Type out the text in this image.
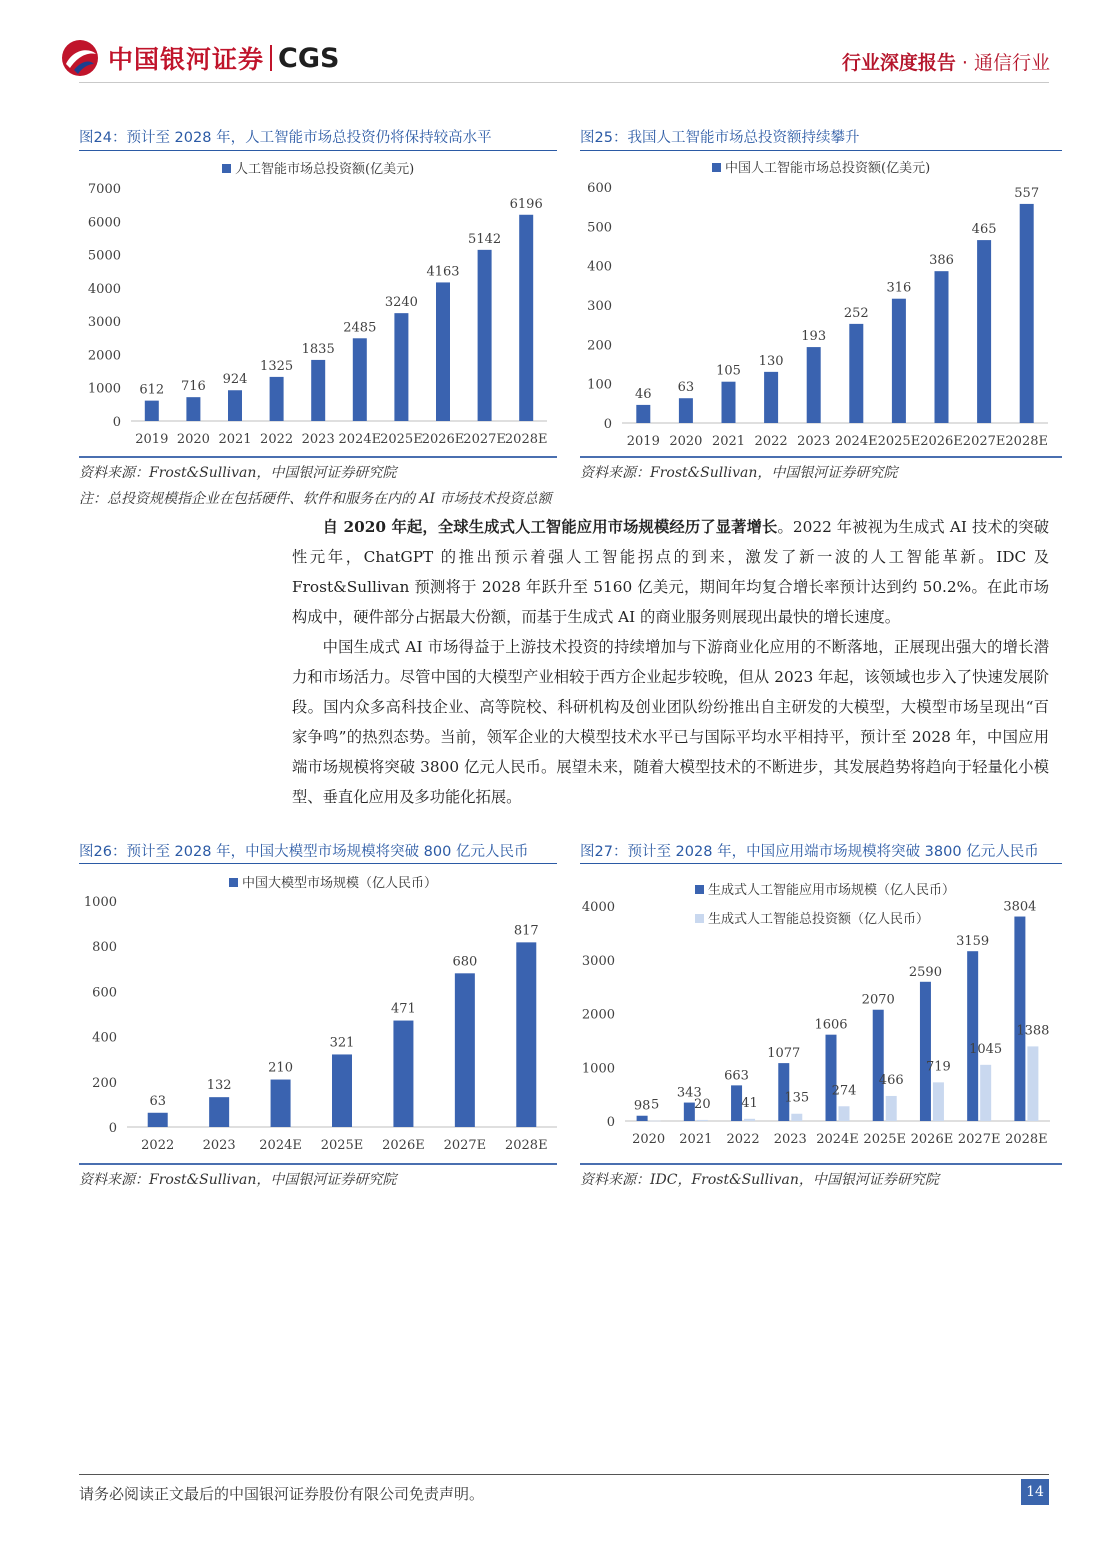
中国银河证券 CGS	行业深度报告 · 通信行业
图24：预计至 2028 年，人工智能市场总投资仍将保持较高水平
0
1000
2000
3000
4000
5000
6000
7000
2019 2020 2021 2022 2023 2024E 2025E 2026E 2027E 2028E
612 716 924
1325
1835
2485
3240
4163
5142
6196
人工智能市场总投资额(亿美元)
资料来源：Frost&Sullivan，中国银河证券研究院
注：总投资规模指企业在包括硬件、软件和服务在内的 AI 市场技术投资总额
图25：我国人工智能市场总投资额持续攀升
0
100
200
300
400
500
600
2019 2020 2021 2022 2023 2024E 2025E 2026E 2027E 2028E
46 63
105
130
193
252
316
386
465
557
中国人工智能市场总投资额(亿美元)
资料来源：Frost&Sullivan，中国银河证券研究院

自 2020 年起，全球生成式人工智能应用市场规模经历了显著增长。2022 年被视为生成式 AI 技术的突破性元年，ChatGPT 的推出预示着强人工智能拐点的到来，激发了新一波的人工智能革新。IDC 及 Frost&Sullivan 预测将于 2028 年跃升至 5160 亿美元，期间年均复合增长率预计达到约 50.2%。在此市场构成中，硬件部分占据最大份额，而基于生成式 AI 的商业服务则展现出最快的增长速度。

中国生成式 AI 市场得益于上游技术投资的持续增加与下游商业化应用的不断落地，正展现出强大的增长潜力和市场活力。尽管中国的大模型产业相较于西方企业起步较晚，但从 2023 年起，该领域也步入了快速发展阶段。国内众多高科技企业、高等院校、科研机构及创业团队纷纷推出自主研发的大模型，大模型市场呈现出“百家争鸣”的热烈态势。当前，领军企业的大模型技术水平已与国际平均水平相持平，预计至 2028 年，中国应用端市场规模将突破 3800 亿元人民币。展望未来，随着大模型技术的不断进步，其发展趋势将趋向于轻量化小模型、垂直化应用及多功能化拓展。

图26：预计至 2028 年，中国大模型市场规模将突破 800 亿元人民币
0
200
400
600
800
1000
2022 2023 2024E 2025E 2026E 2027E 2028E
63
132
210
321
471
680
817
中国大模型市场规模（亿人民币）
资料来源：Frost&Sullivan，中国银河证券研究院
图27：预计至 2028 年，中国应用端市场规模将突破 3800 亿元人民币
0
1000
2000
3000
4000
2020 2021 2022 2023 2024E 2025E 2026E 2027E 2028E
98
343
663
1077
1606
2070
2590
3159
3804
生成式人工智能应用市场规模（亿人民币）
5	20 41 135 274
466
719
1045
1388
生成式人工智能总投资额（亿人民币）
资料来源：IDC，Frost&Sullivan，中国银河证券研究院
请务必阅读正文最后的中国银河证券股份有限公司免责声明。	14
